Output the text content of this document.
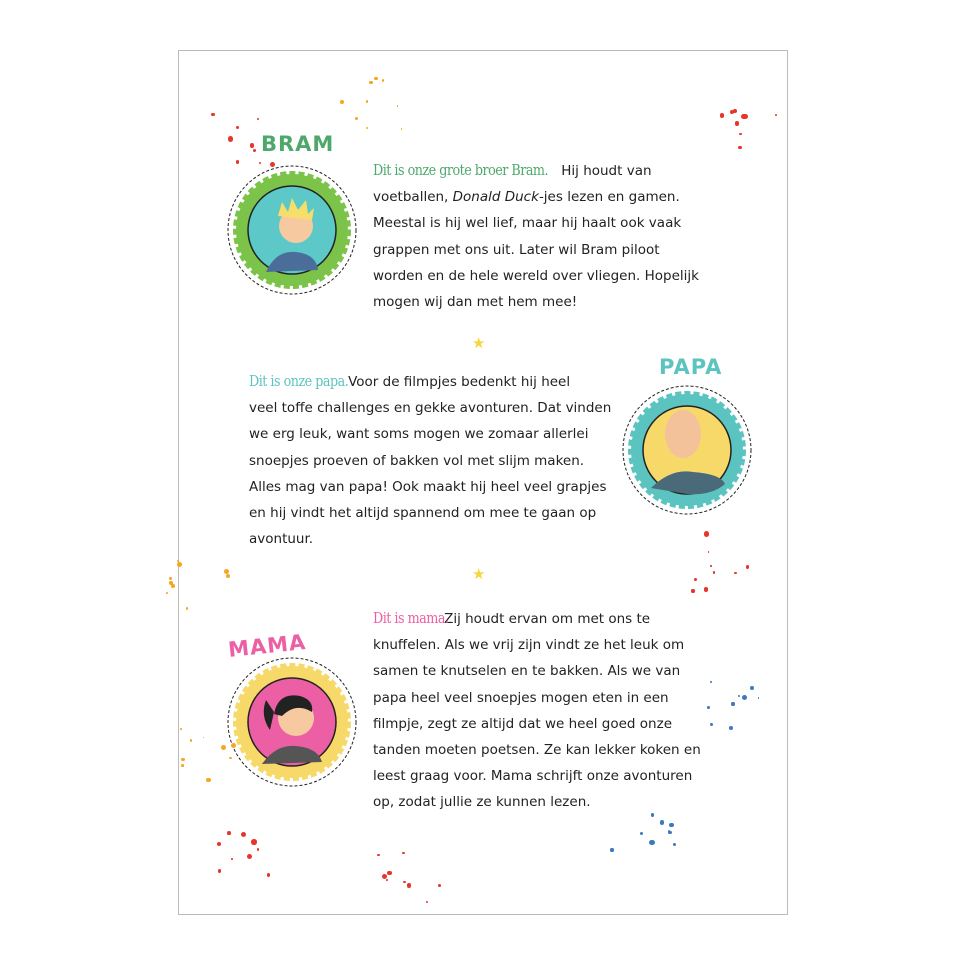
BRAM
Dit is onze grote broer Bram. Hij houdt van
voetballen, Donald Duck-jes lezen en gamen.
Meestal is hij wel lief, maar hij haalt ook vaak
grappen met ons uit. Later wil Bram piloot
worden en de hele wereld over vliegen. Hopelijk
mogen wij dan met hem mee!
★
PAPA
Dit is onze papa. Voor de filmpjes bedenkt hij heel
veel toffe challenges en gekke avonturen. Dat vinden
we erg leuk, want soms mogen we zomaar allerlei
snoepjes proeven of bakken vol met slijm maken.
Alles mag van papa! Ook maakt hij heel veel grapjes
en hij vindt het altijd spannend om mee te gaan op
avontuur.
★
MAMA
Dit is mama. Zij houdt ervan om met ons te
knuffelen. Als we vrij zijn vindt ze het leuk om
samen te knutselen en te bakken. Als we van
papa heel veel snoepjes mogen eten in een
filmpje, zegt ze altijd dat we heel goed onze
tanden moeten poetsen. Ze kan lekker koken en
leest graag voor. Mama schrijft onze avonturen
op, zodat jullie ze kunnen lezen.
